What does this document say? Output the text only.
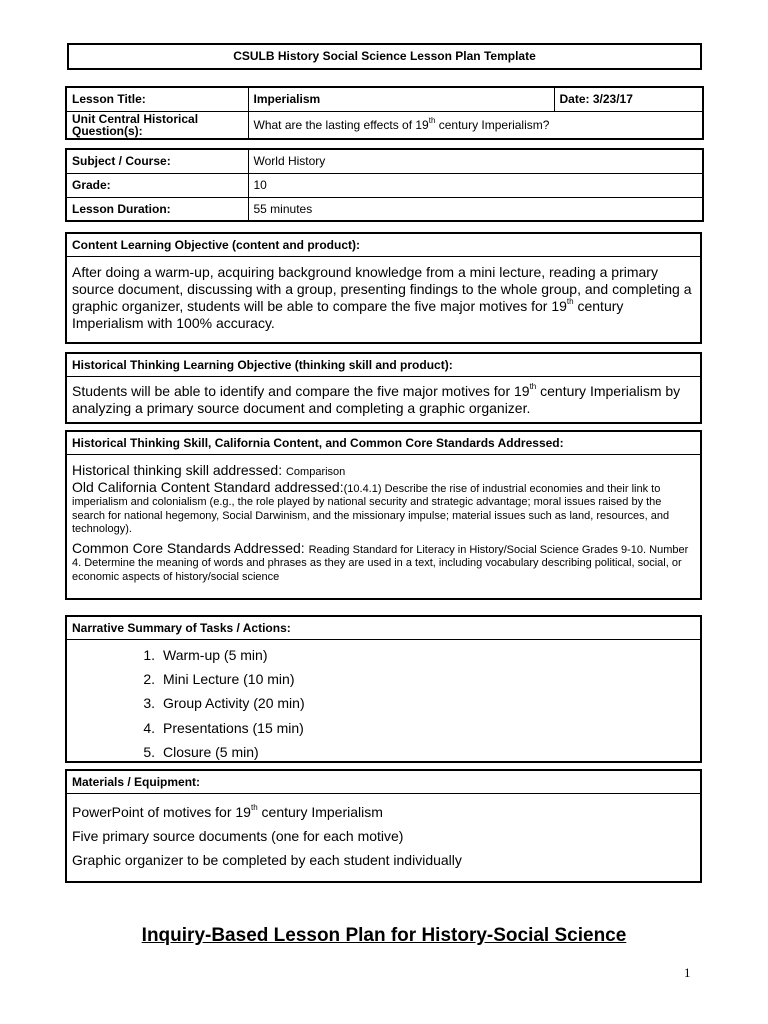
CSULB History Social Science Lesson Plan Template
Lesson Title:	Imperialism	Date: 3/23/17
Unit Central Historical Question(s):	What are the lasting effects of 19th century Imperialism?	
Subject / Course:	World History
Grade:	10
Lesson Duration:	55 minutes
Content Learning Objective (content and product):
After doing a warm-up, acquiring background knowledge from a mini lecture, reading a primary source document, discussing with a group, presenting findings to the whole group, and completing a graphic organizer, students will be able to compare the five major motives for 19th century Imperialism with 100% accuracy.
Historical Thinking Learning Objective (thinking skill and product):
Students will be able to identify and compare the five major motives for 19th century Imperialism by analyzing a primary source document and completing a graphic organizer.
Historical Thinking Skill, California Content, and Common Core Standards Addressed:
Historical thinking skill addressed: Comparison
Old California Content Standard addressed:(10.4.1) Describe the rise of industrial economies and their link to imperialism and colonialism (e.g., the role played by national security and strategic advantage; moral issues raised by the search for national hegemony, Social Darwinism, and the missionary impulse; material issues such as land, resources, and technology).
Common Core Standards Addressed: Reading Standard for Literacy in History/Social Science Grades 9-10. Number 4. Determine the meaning of words and phrases as they are used in a text, including vocabulary describing political, social, or economic aspects of history/social science
Narrative Summary of Tasks / Actions:
1. Warm-up (5 min)
2. Mini Lecture (10 min)
3. Group Activity (20 min)
4. Presentations (15 min)
5. Closure (5 min)
Materials / Equipment:
PowerPoint of motives for 19th century Imperialism
Five primary source documents (one for each motive)
Graphic organizer to be completed by each student individually
Inquiry-Based Lesson Plan for History-Social Science
1
